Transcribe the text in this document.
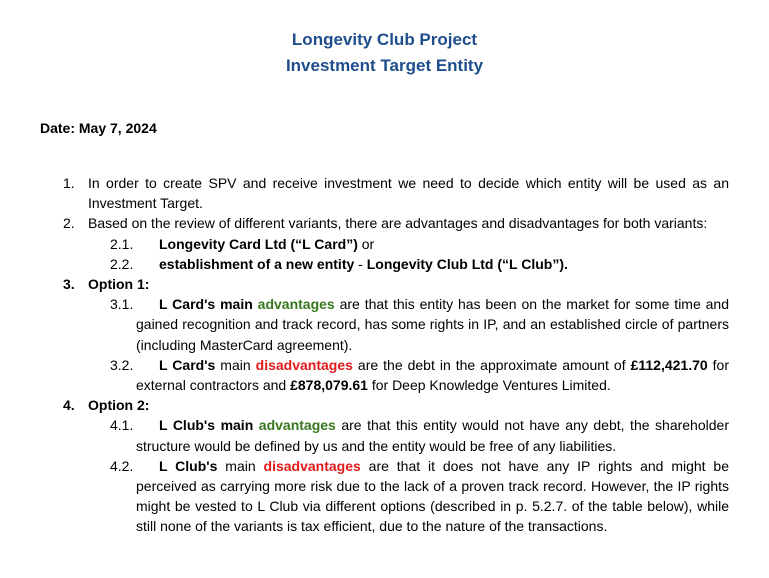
Longevity Club Project
Investment Target Entity
Date: May 7, 2024
1. In order to create SPV and receive investment we need to decide which entity will be used as an Investment Target.
2. Based on the review of different variants, there are advantages and disadvantages for both variants:
2.1. Longevity Card Ltd (“L Card”) or
2.2. establishment of a new entity - Longevity Club Ltd (“L Club”).
3. Option 1:
3.1. L Card's main advantages are that this entity has been on the market for some time and gained recognition and track record, has some rights in IP, and an established circle of partners (including MasterCard agreement).
3.2. L Card's main disadvantages are the debt in the approximate amount of £112,421.70 for external contractors and £878,079.61 for Deep Knowledge Ventures Limited.
4. Option 2:
4.1. L Club's main advantages are that this entity would not have any debt, the shareholder structure would be defined by us and the entity would be free of any liabilities.
4.2. L Club's main disadvantages are that it does not have any IP rights and might be perceived as carrying more risk due to the lack of a proven track record. However, the IP rights might be vested to L Club via different options (described in p. 5.2.7. of the table below), while still none of the variants is tax efficient, due to the nature of the transactions.
